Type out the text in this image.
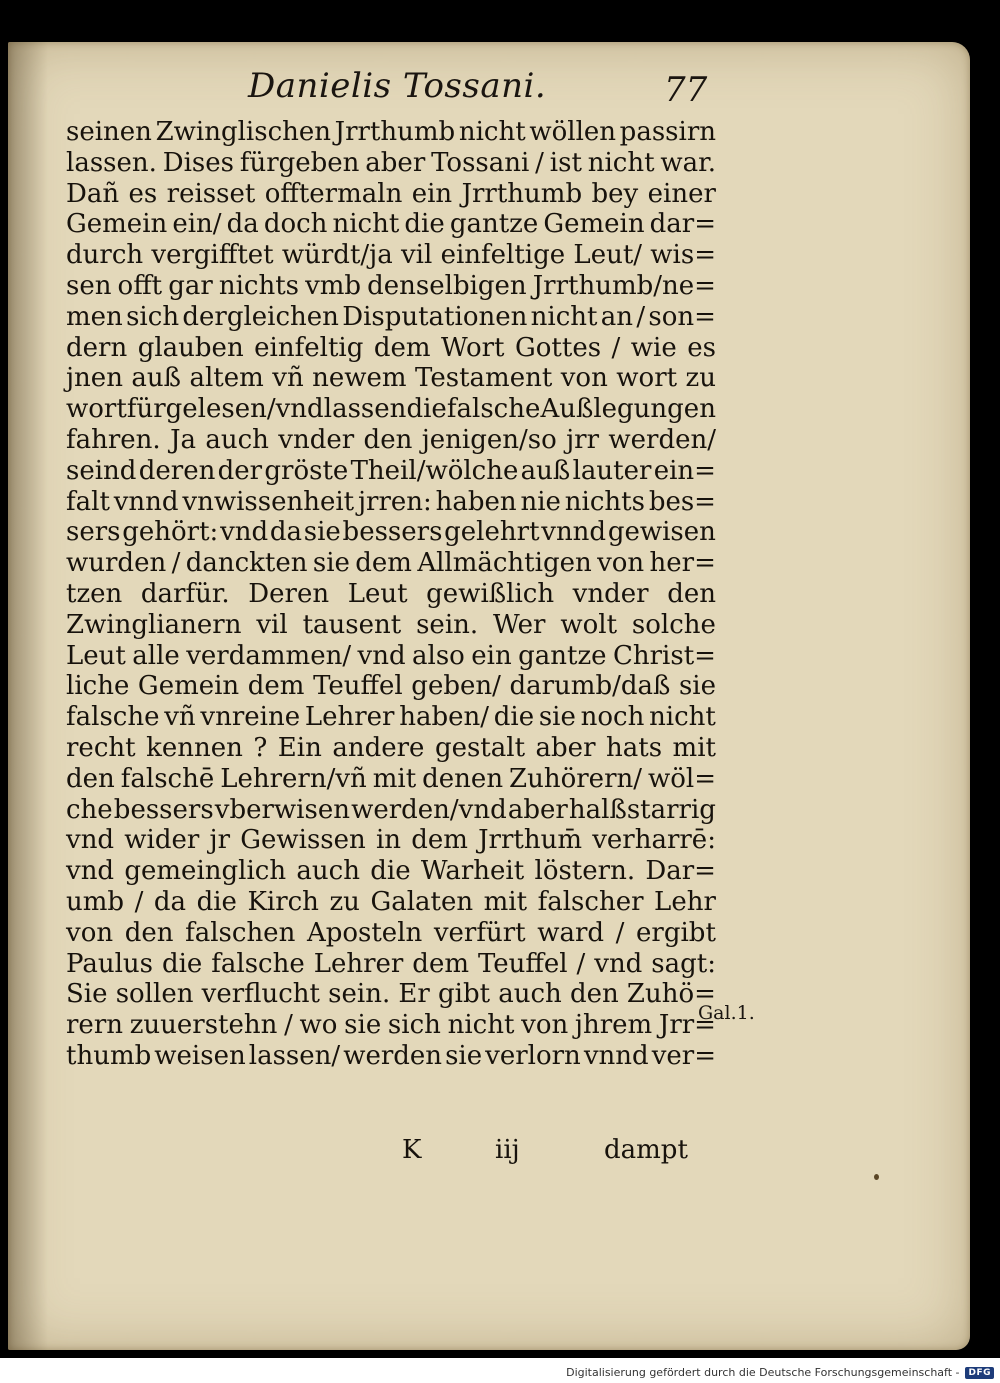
Danielis Tossani.	77
seinen Zwinglischen Jrrthumb nicht wöllen passirn
lassen. Dises fürgeben aber Tossani / ist nicht war.
Dañ es reisset offtermaln ein Jrrthumb bey einer
Gemein ein/ da doch nicht die gantze Gemein dar=
durch vergifftet würdt/ja vil einfeltige Leut/ wis=
sen offt gar nichts vmb denselbigen Jrrthumb/ne=
men sich dergleichen Disputationen nicht an / son=
dern glauben einfeltig dem Wort Gottes / wie es
jnen auß altem vñ newem Testament von wort zu
wort fürgelesen/vnd lassen die falsche Außlegungen
fahren. Ja auch vnder den jenigen/so jrr werden/
seind deren der gröste Theil/wölche auß lauter ein=
falt vnnd vnwissenheit jrren: haben nie nichts bes=
sers gehört: vnd da sie bessers gelehrt vnnd gewisen
wurden / danckten sie dem Allmächtigen von her=
tzen darfür. Deren Leut gewißlich vnder den
Zwinglianern vil tausent sein. Wer wolt solche
Leut alle verdammen/ vnd also ein gantze Christ=
liche Gemein dem Teuffel geben/ darumb/daß sie
falsche vñ vnreine Lehrer haben/ die sie noch nicht
recht kennen ? Ein andere gestalt aber hats mit
den falschē Lehrern/vñ mit denen Zuhörern/ wöl=
che bessers vberwisen werden/vnd aber halßstarrig
vnd wider jr Gewissen in dem Jrrthum̄ verharrē:
vnd gemeinglich auch die Warheit lӧstern. Dar=
umb / da die Kirch zu Galaten mit falscher Lehr
von den falschen Aposteln verfürt ward / ergibt
Paulus die falsche Lehrer dem Teuffel / vnd sagt:
Sie sollen verflucht sein. Er gibt auch den Zuhö=
rern zuuerstehn / wo sie sich nicht von jhrem Jrr=
thumb weisen lassen/ werden sie verlorn vnnd ver=
Gal.1.
K	iij	dampt
Digitalisierung gefördert durch die Deutsche Forschungsgemeinschaft -	DFG
